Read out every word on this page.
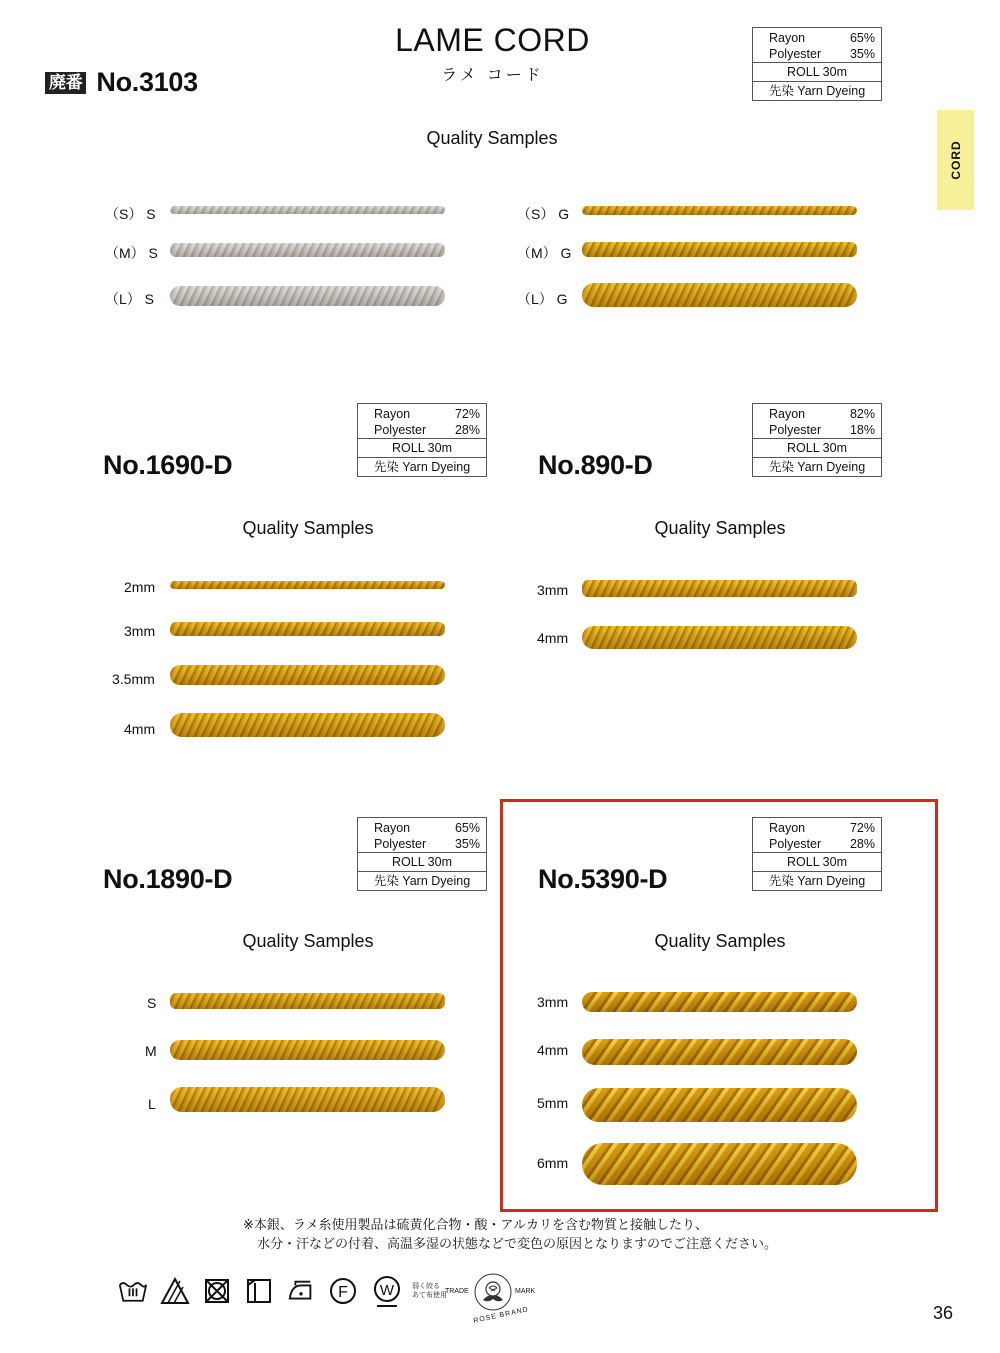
LAME CORD
ラメ コード
CORD
廃番 No.3103
Rayon	65%
Polyester 35%
ROLL 30m
先染 Yarn Dyeing
Quality Samples
（S） S
（M） S
（L） S
（S） G
（M） G
（L） G
Rayon	72%
Polyester 28%
ROLL 30m
先染 Yarn Dyeing
No.1690-D
Quality Samples
2mm
3mm
3.5mm
4mm
Rayon	82%
Polyester 18%
ROLL 30m
先染 Yarn Dyeing
No.890-D
Quality Samples
3mm
4mm
Rayon	65%
Polyester 35%
ROLL 30m
先染 Yarn Dyeing
No.1890-D
Quality Samples
S
M
L
Rayon	72%
Polyester 28%
ROLL 30m
先染 Yarn Dyeing
No.5390-D
Quality Samples
3mm
4mm
5mm
6mm
※本銀、ラメ糸使用製品は硫黄化合物・酸・アルカリを含む物質と接触したり、
水分・汗などの付着、高温多湿の状態などで変色の原因となりますのでご注意ください。
F W	弱く絞る
あて布使用
TRADE	MARK
ROSE BRAND	36
